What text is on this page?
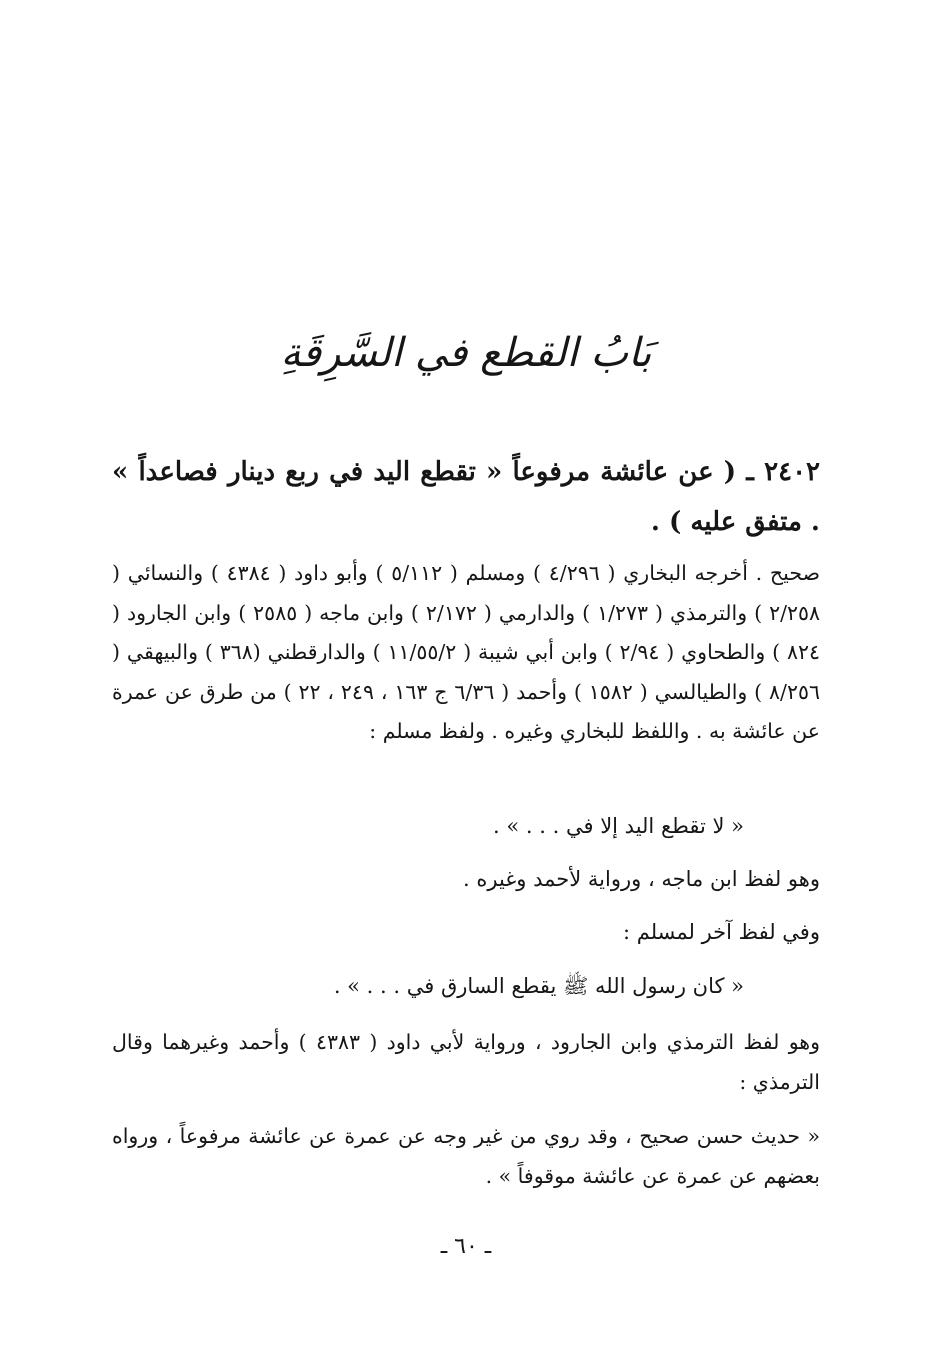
بَابُ القطع في السَّرِقَةِ

٢٤٠٢ ـ ( عن عائشة مرفوعاً « تقطع اليد في ربع دينار فصاعداً » . متفق عليه ) .

صحيح . أخرجه البخاري ( ٤/٢٩٦ ) ومسلم ( ٥/١١٢ ) وأبو داود ( ٤٣٨٤ ) والنسائي ( ٢/٢٥٨ ) والترمذي ( ١/٢٧٣ ) والدارمي ( ٢/١٧٢ ) وابن ماجه ( ٢٥٨٥ ) وابن الجارود ( ٨٢٤ ) والطحاوي ( ٢/٩٤ ) وابن أبي شيبة ( ١١/٥٥/٢ ) والدارقطني (٣٦٨ ) والبيهقي ( ٨/٢٥٦ ) والطيالسي ( ١٥٨٢ ) وأحمد ( ٦/٣٦ ج ١٦٣ ، ٢٤٩ ، ٢٢ ) من طرق عن عمرة عن عائشة به . واللفظ للبخاري وغيره . ولفظ مسلم :

« لا تقطع اليد إلا في . . . » .
وهو لفظ ابن ماجه ، ورواية لأحمد وغيره .
وفي لفظ آخر لمسلم :
« كان رسول الله ﷺ يقطع السارق في . . . » .

وهو لفظ الترمذي وابن الجارود ، ورواية لأبي داود ( ٤٣٨٣ ) وأحمد وغيرهما وقال الترمذي :

« حديث حسن صحيح ، وقد روي من غير وجه عن عمرة عن عائشة مرفوعاً ، ورواه بعضهم عن عمرة عن عائشة موقوفاً » .

ـ ٦٠ ـ
